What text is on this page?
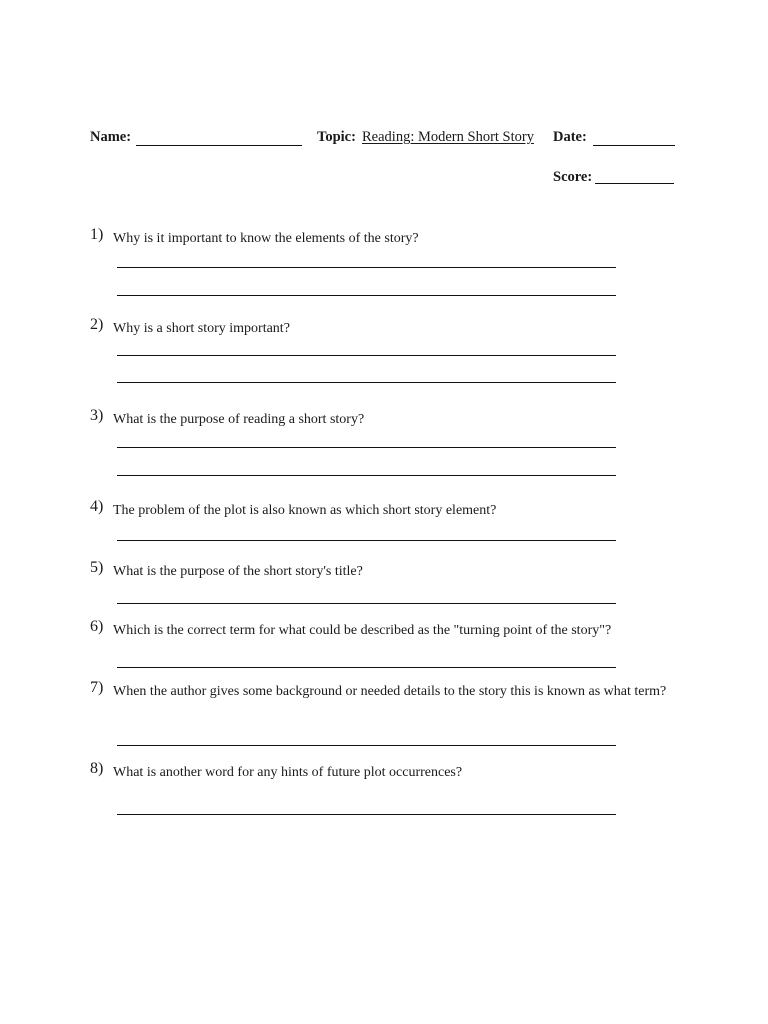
Name:	Topic: Reading: Modern Short Story Date:
Score:
1) Why is it important to know the elements of the story?
2) Why is a short story important?
3) What is the purpose of reading a short story?
4) The problem of the plot is also known as which short story element?
5) What is the purpose of the short story's title?
6) Which is the correct term for what could be described as the "turning point of the story"?
7) When the author gives some background or needed details to the story this is known as what term?
8) What is another word for any hints of future plot occurrences?
